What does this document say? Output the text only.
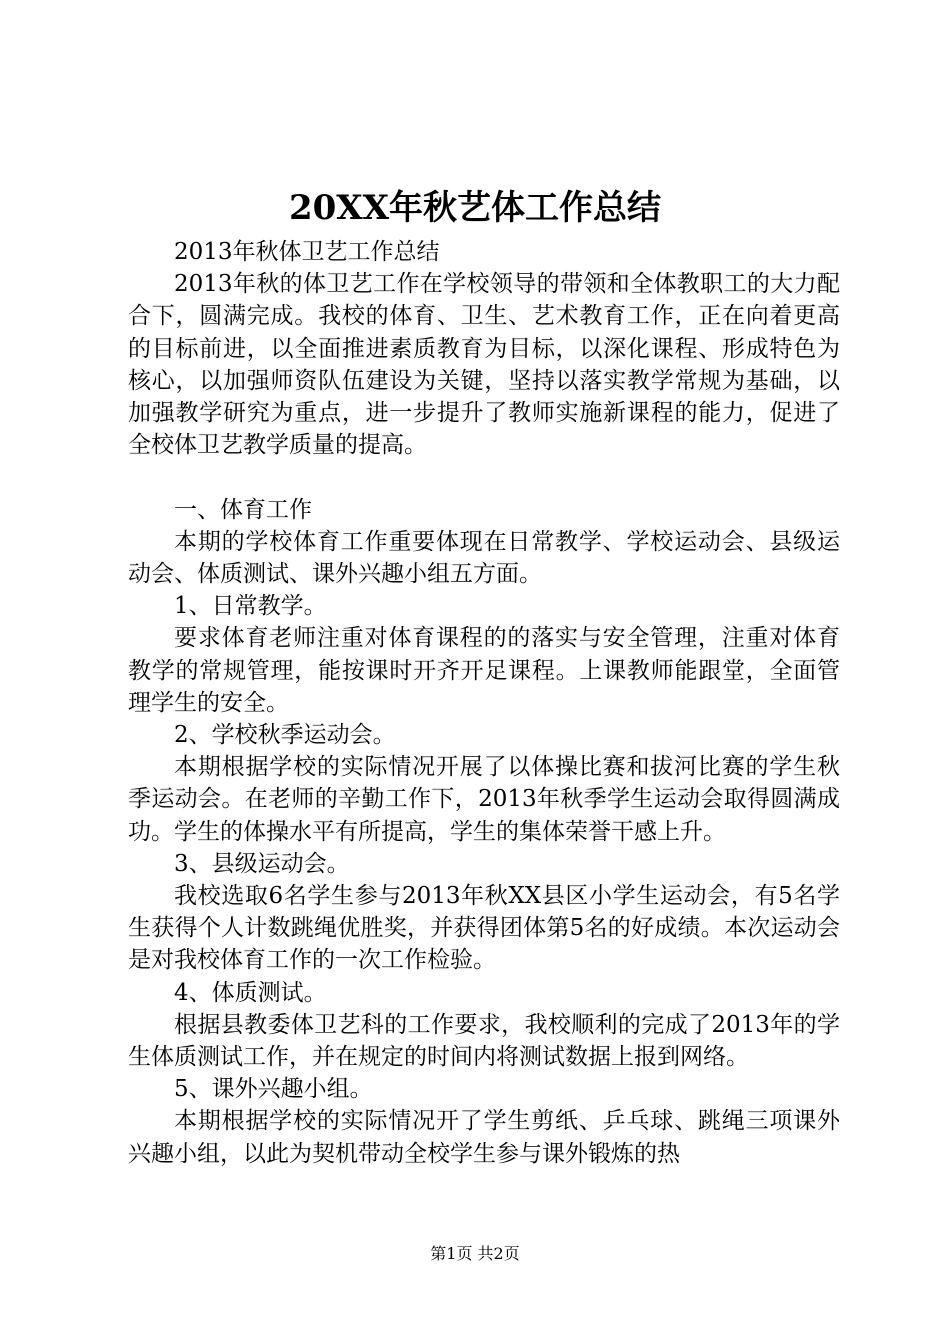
20XX年秋艺体工作总结

2013年秋体卫艺工作总结

2013年秋的体卫艺工作在学校领导的带领和全体教职工的大力配合下，圆满完成。我校的体育、卫生、艺术教育工作，正在向着更高的目标前进，以全面推进素质教育为目标，以深化课程、形成特色为核心，以加强师资队伍建设为关键，坚持以落实教学常规为基础，以加强教学研究为重点，进一步提升了教师实施新课程的能力，促进了全校体卫艺教学质量的提高。

一、体育工作

本期的学校体育工作重要体现在日常教学、学校运动会、县级运动会、体质测试、课外兴趣小组五方面。

1、日常教学。

要求体育老师注重对体育课程的的落实与安全管理，注重对体育教学的常规管理，能按课时开齐开足课程。上课教师能跟堂，全面管理学生的安全。

2、学校秋季运动会。

本期根据学校的实际情况开展了以体操比赛和拔河比赛的学生秋季运动会。在老师的辛勤工作下，2013年秋季学生运动会取得圆满成功。学生的体操水平有所提高，学生的集体荣誉干感上升。

3、县级运动会。

我校选取6名学生参与2013年秋XX县区小学生运动会，有5名学生获得个人计数跳绳优胜奖，并获得团体第5名的好成绩。本次运动会是对我校体育工作的一次工作检验。

4、体质测试。

根据县教委体卫艺科的工作要求，我校顺利的完成了2013年的学生体质测试工作，并在规定的时间内将测试数据上报到网络。

5、课外兴趣小组。

本期根据学校的实际情况开了学生剪纸、乒乓球、跳绳三项课外兴趣小组，以此为契机带动全校学生参与课外锻炼的热

第1页 共2页
